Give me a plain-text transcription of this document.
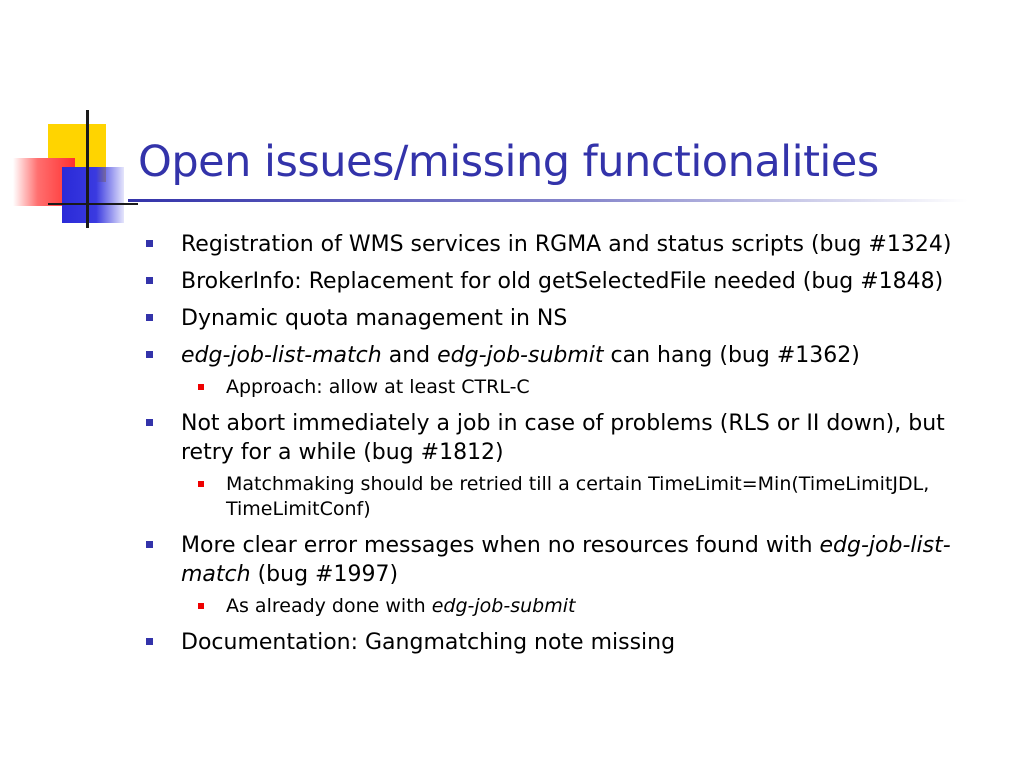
Open issues/missing functionalities
Registration of WMS services in RGMA and status scripts (bug #1324)
BrokerInfo: Replacement for old getSelectedFile needed (bug #1848)
Dynamic quota management in NS
edg-job-list-match and edg-job-submit can hang (bug #1362)
Approach: allow at least CTRL-C
Not abort immediately a job in case of problems (RLS or II down), but retry for a while (bug #1812)
Matchmaking should be retried till a certain TimeLimit=Min(TimeLimitJDL, TimeLimitConf)
More clear error messages when no resources found with edg-job-list-match (bug #1997)
As already done with edg-job-submit
Documentation: Gangmatching note missing
